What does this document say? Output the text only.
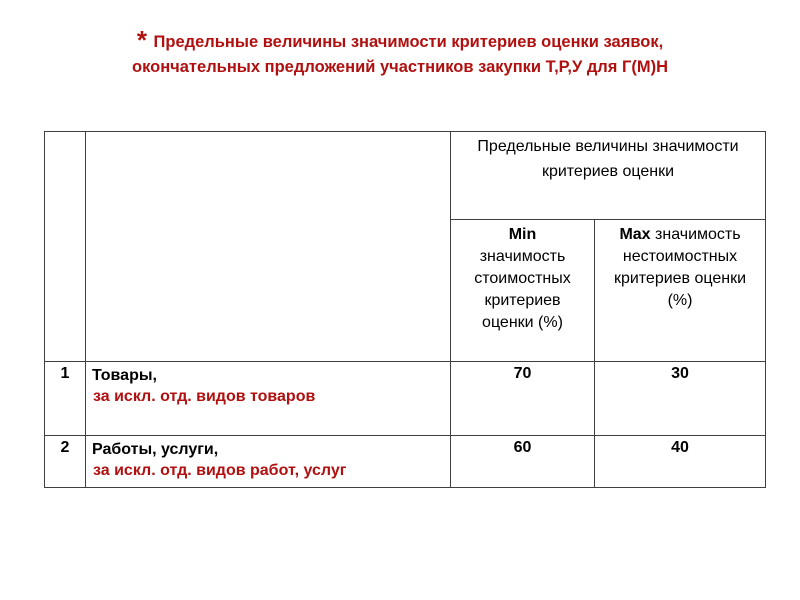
* Предельные величины значимости критериев оценки заявок,
окончательных предложений участников закупки Т,Р,У для Г(М)Н
		Предельные величины значимости критериев оценки	
		Min
значимость стоимостных критериев оценки (%)	Max значимость нестоимостных критериев оценки (%)
1	Товары,
за искл. отд. видов товаров	70	30
2	Работы, услуги,
за искл. отд. видов работ, услуг	60	40
